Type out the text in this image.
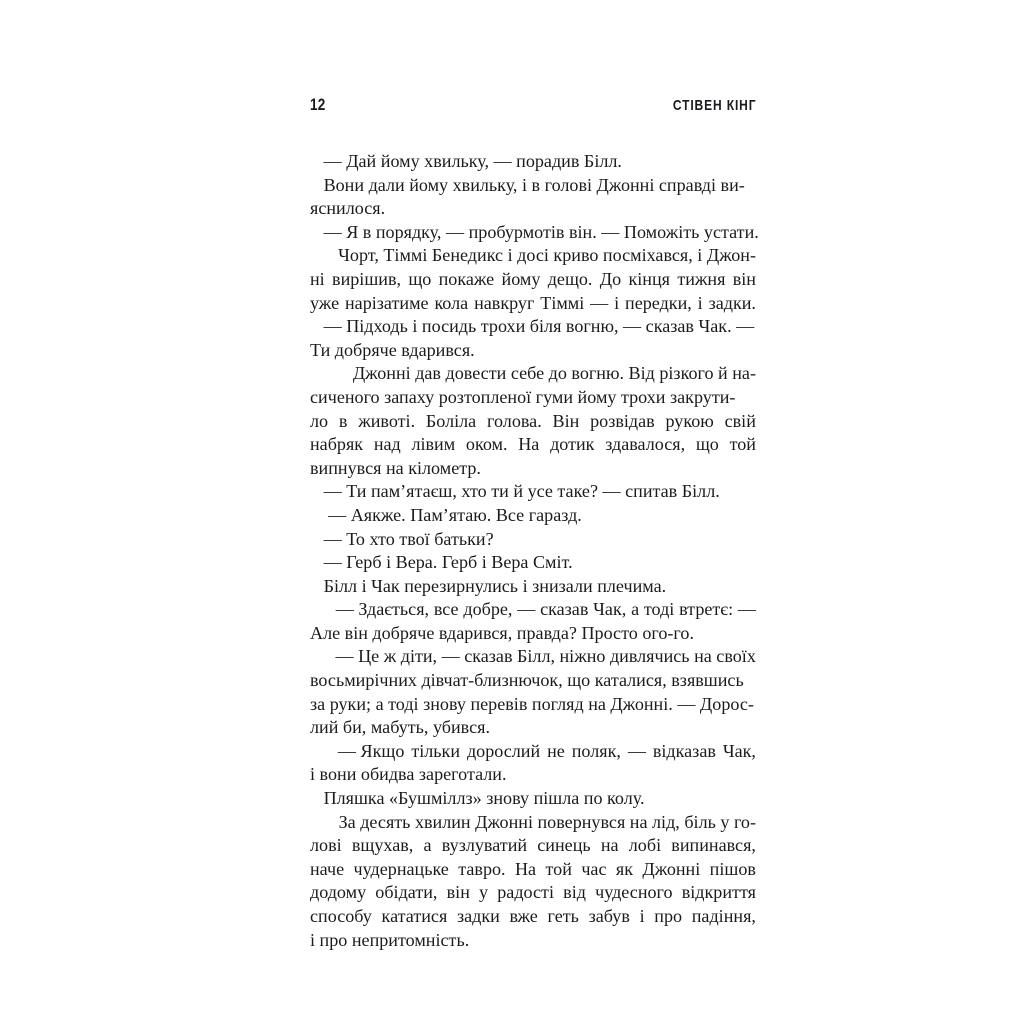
12	СТІВЕН КІНГ

— Дай йому хвильку, — порадив Білл.

Вони дали йому хвильку, і в голові Джонні справді ви-
яснилося.

— Я в порядку, — пробурмотів він. — Поможіть устати.

Чорт, Тіммі Бенедикс і досі криво посміхався, і Джон-
ні вирішив, що покаже йому дещо. До кінця тижня він
уже нарізатиме кола навкруг Тіммі — і передки, і задки.

— Підходь і посидь трохи біля вогню, — сказав Чак. —
Ти добряче вдарився.

Джонні дав довести себе до вогню. Від різкого й на-
сиченого запаху розтопленої гуми йому трохи закрути-
ло в животі. Боліла голова. Він розвідав рукою свій
набряк над лівим оком. На дотик здавалося, що той
випнувся на кілометр.

— Ти пам’ятаєш, хто ти й усе таке? — спитав Білл.

— Аякже. Пам’ятаю. Все гаразд.

— То хто твої батьки?

— Герб і Вера. Герб і Вера Сміт.

Білл і Чак перезирнулись і знизали плечима.

— Здається, все добре, — сказав Чак, а тоді втретє: —
Але він добряче вдарився, правда? Просто ого-го.

— Це ж діти, — сказав Білл, ніжно дивлячись на своїх
восьмирічних дівчат-близнючок, що каталися, взявшись
за руки; а тоді знову перевів погляд на Джонні. — Дорос-
лий би, мабуть, убився.

— Якщо тільки дорослий не поляк, — відказав Чак,
і вони обидва зареготали.

Пляшка «Бушміллз» знову пішла по колу.

За десять хвилин Джонні повернувся на лід, біль у го-
лові вщухав, а вузлуватий синець на лобі випинався,
наче чудернацьке тавро. На той час як Джонні пішов
додому обідати, він у радості від чудесного відкриття
способу кататися задки вже геть забув і про падіння,
і про непритомність.
